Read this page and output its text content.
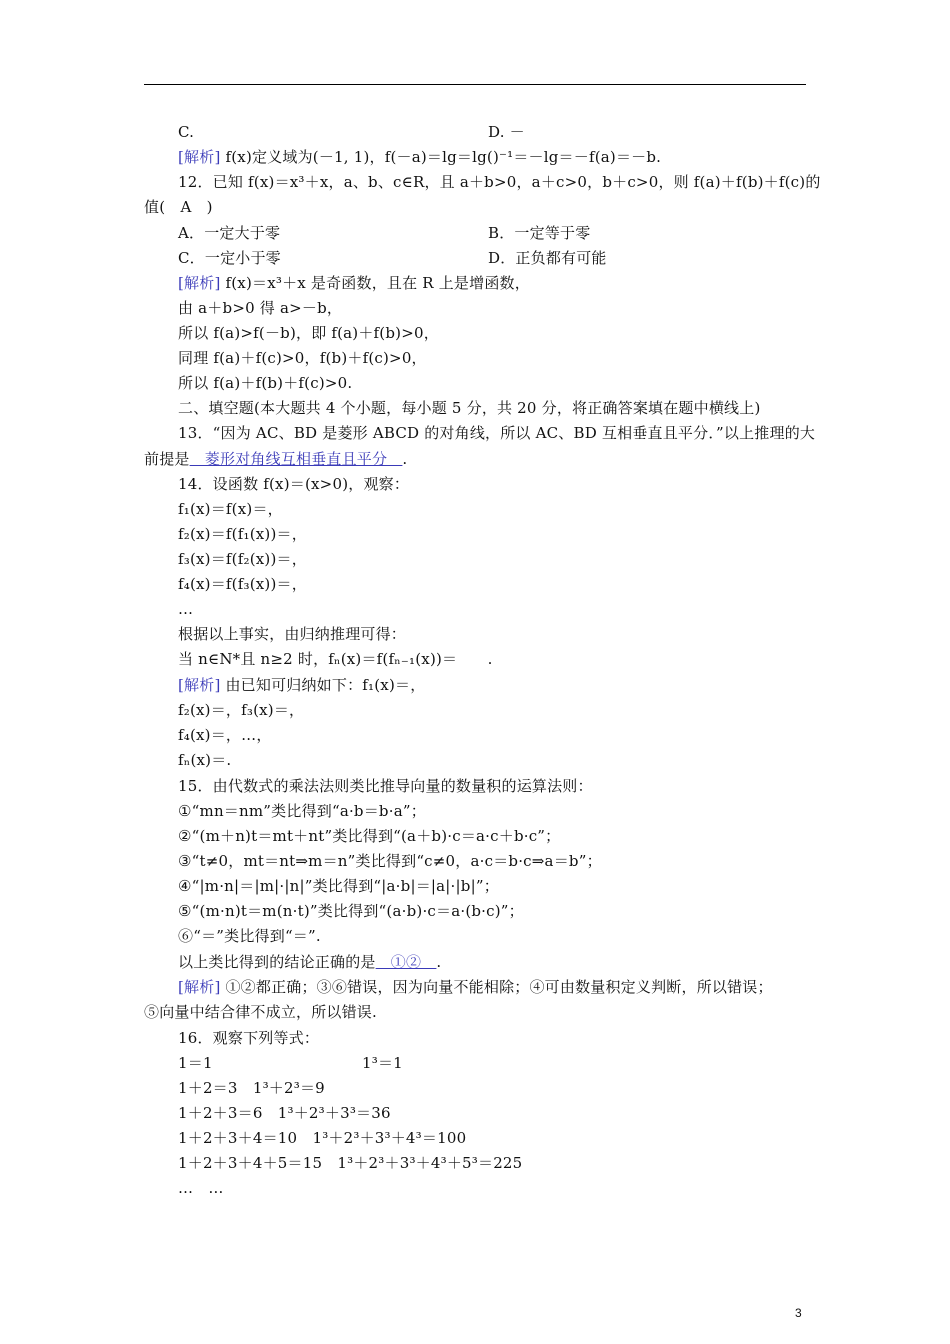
C.	D. －
[解析] f(x)定义域为(－1, 1)，f(－a)＝lg＝lg()⁻¹＝－lg＝－f(a)＝－b.
12．已知 f(x)＝x³＋x，a、b、c∈R，且 a＋b>0，a＋c>0，b＋c>0，则 f(a)＋f(b)＋f(c)的
值(　A　)
A．一定大于零	B．一定等于零
C．一定小于零	D．正负都有可能
[解析] f(x)＝x³＋x 是奇函数，且在 R 上是增函数，
由 a＋b>0 得 a>－b，
所以 f(a)>f(－b)，即 f(a)＋f(b)>0，
同理 f(a)＋f(c)>0，f(b)＋f(c)>0，
所以 f(a)＋f(b)＋f(c)>0.
二、填空题(本大题共 4 个小题，每小题 5 分，共 20 分，将正确答案填在题中横线上)
13．“因为 AC、BD 是菱形 ABCD 的对角线，所以 AC、BD 互相垂直且平分．”以上推理的大
前提是　菱形对角线互相垂直且平分　.
14．设函数 f(x)＝(x>0)，观察：
f₁(x)＝f(x)＝，
f₂(x)＝f(f₁(x))＝，
f₃(x)＝f(f₂(x))＝，
f₄(x)＝f(f₃(x))＝，
…
根据以上事实，由归纳推理可得：
当 n∈N*且 n≥2 时，fₙ(x)＝f(fₙ₋₁(x))＝　　.
[解析] 由已知可归纳如下：f₁(x)＝，
f₂(x)＝，f₃(x)＝，
f₄(x)＝，…，
fₙ(x)＝.
15．由代数式的乘法法则类比推导向量的数量积的运算法则：
①“mn＝nm”类比得到“a·b＝b·a”；
②“(m＋n)t＝mt＋nt”类比得到“(a＋b)·c＝a·c＋b·c”；
③“t≠0，mt＝nt⇒m＝n”类比得到“c≠0，a·c＝b·c⇒a＝b”；
④“|m·n|＝|m|·|n|”类比得到“|a·b|＝|a|·|b|”；
⑤“(m·n)t＝m(n·t)”类比得到“(a·b)·c＝a·(b·c)”；
⑥“＝”类比得到“＝”.
以上类比得到的结论正确的是　①②　.
[解析] ①②都正确；③⑥错误，因为向量不能相除；④可由数量积定义判断，所以错误；
⑤向量中结合律不成立，所以错误.
16．观察下列等式：
1＝1	1³＝1
1＋2＝3　1³＋2³＝9
1＋2＋3＝6　1³＋2³＋3³＝36
1＋2＋3＋4＝10　1³＋2³＋3³＋4³＝100
1＋2＋3＋4＋5＝15　1³＋2³＋3³＋4³＋5³＝225
…　…
3
